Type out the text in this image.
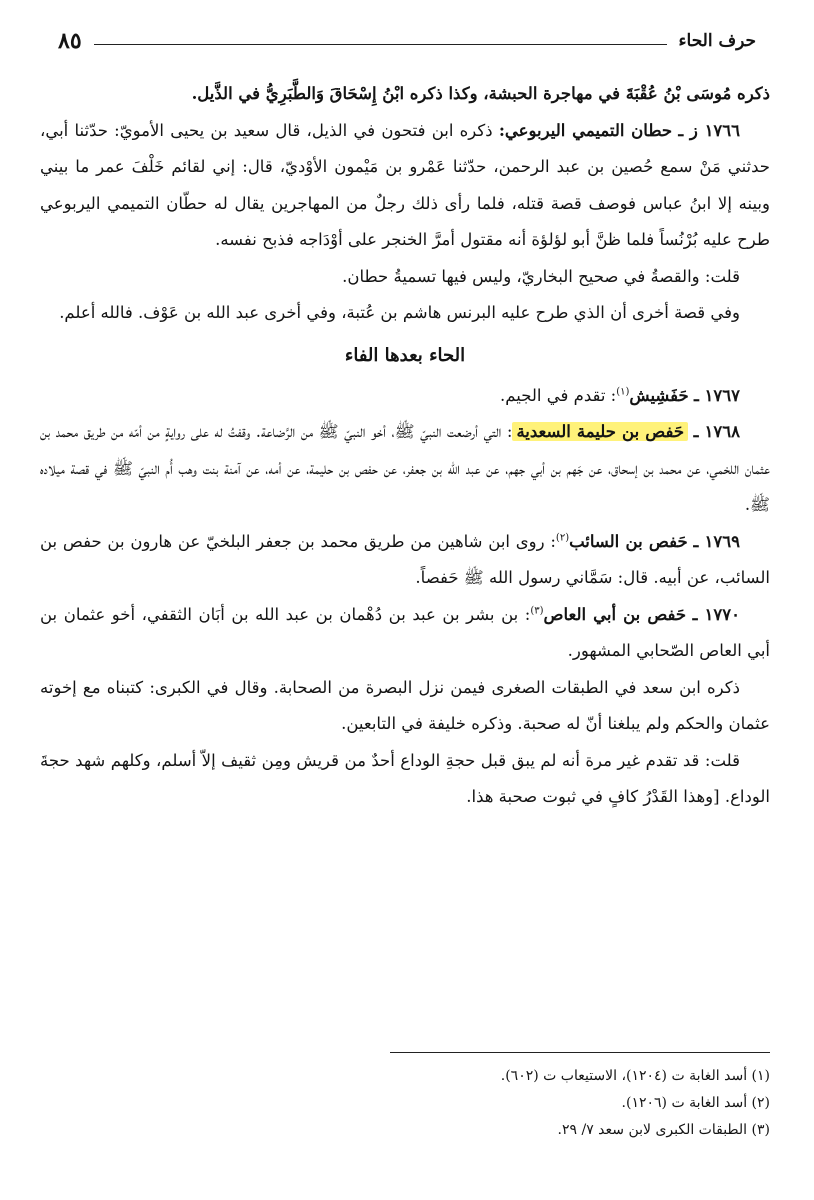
حرف الحاء
٨٥

ذكره مُوسَى بْنُ عُقْبَةَ في مهاجرة الحبشة، وكذا ذكره ابْنُ إِسْحَاقَ وَالطَّبَرِيُّ في الذَّيل.

١٧٦٦ ز ـ حطان التميمي اليربوعي: ذكره ابن فتحون في الذيل، قال سعيد بن يحيى الأمويّ: حدّثنا أبي، حدثني مَنْ سمع حُصين بن عبد الرحمن، حدّثنا عَمْرو بن مَيْمون الأوْديّ، قال: إني لقائم خَلْفَ عمر ما بيني وبينه إلا ابنُ عباس فوصف قصة قتله، فلما رأى ذلك رجلٌ من المهاجرين يقال له حطّان التميمي اليربوعي طرح عليه بُرْنُساً فلما ظنَّ أبو لؤلؤة أنه مقتول أمرَّ الخنجر على أوْدَاجه فذبح نفسه.

قلت: والقصةُ في صحيح البخاريّ، وليس فيها تسميةُ حطان.

وفي قصة أخرى أن الذي طرح عليه البرنس هاشم بن عُتبة، وفي أخرى عبد الله بن عَوْف. فالله أعلم.

الحاء بعدها الفاء

١٧٦٧ ـ حَفَشِيش$^{(١)}$: تقدم في الجيم.

١٧٦٨ ـ حَفص بن حليمة السعدية: التي أرضعت النبيّ ﷺ، أخو النبيّ ﷺ من الرَّضاعة. وقفتُ له على روايةٍ من أمّه من طريق محمد بن عثمان اللخمي، عن محمد بن إسحاق، عن جَهم بن أبي جهم، عن عبد الله بن جعفر، عن حفص بن حليمة، عن أمه، عن آمنة بنت وهب أُم النبيّ ﷺ في قصة ميلاده ﷺ.

١٧٦٩ ـ حَفص بن السائب$^{(٢)}$: روى ابن شاهين من طريق محمد بن جعفر البلخيّ عن هارون بن حفص بن السائب، عن أبيه. قال: سَمَّاني رسول الله ﷺ حَفصاً.

١٧٧٠ ـ حَفص بن أبي العاص$^{(٣)}$: بن بشر بن عبد بن دُهْمان بن عبد الله بن أبَان الثقفي، أخو عثمان بن أبي العاص الصّحابي المشهور.

ذكره ابن سعد في الطبقات الصغرى فيمن نزل البصرة من الصحابة. وقال في الكبرى: كتبناه مع إخوته عثمان والحكم ولم يبلغنا أنّ له صحبة. وذكره خليفة في التابعين.

قلت: قد تقدم غير مرة أنه لم يبق قبل حجةِ الوداع أحدٌ من قريش ومِن ثقيف إلاّ أسلم، وكلهم شهد حجةَ الوداع. [وهذا القَدْرُ كافٍ في ثبوت صحبة هذا.

(١) أسد الغابة ت (١٢٠٤)، الاستيعاب ت (٦٠٢).

(٢) أسد الغابة ت (١٢٠٦).

(٣) الطبقات الكبرى لابن سعد ٧/ ٢٩.
